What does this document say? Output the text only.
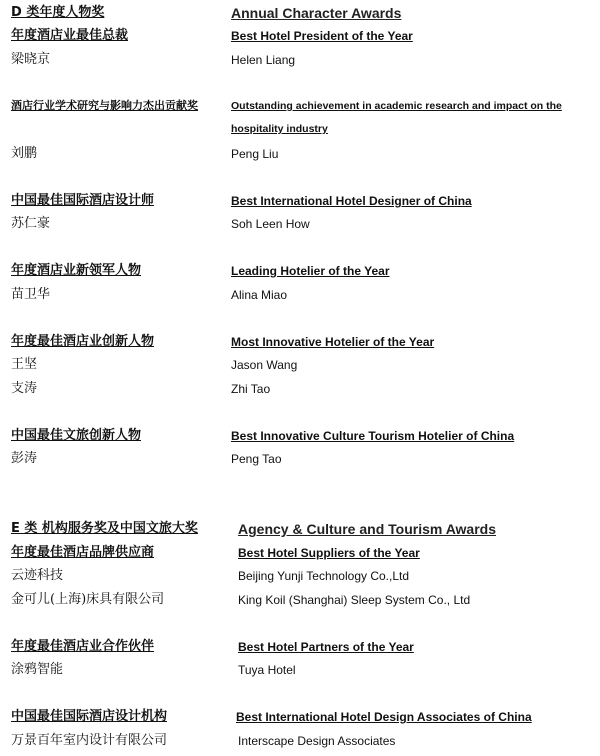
D 类年度人物奖	Annual Character Awards
年度酒店业最佳总裁	Best Hotel President of the Year
梁晓京	Helen Liang
酒店行业学术研究与影响力杰出贡献奖	Outstanding achievement in academic research and impact on the
hospitality industry
刘鹏	Peng Liu
中国最佳国际酒店设计师	Best International Hotel Designer of China
苏仁豪	Soh Leen How
年度酒店业新领军人物	Leading Hotelier of the Year
苗卫华	Alina Miao
年度最佳酒店业创新人物	Most Innovative Hotelier of the Year
王坚	Jason Wang
支涛	Zhi Tao
中国最佳文旅创新人物	Best Innovative Culture Tourism Hotelier of China
彭涛	Peng Tao
E 类 机构服务奖及中国文旅大奖	Agency & Culture and Tourism Awards
年度最佳酒店品牌供应商	Best Hotel Suppliers of the Year
云迹科技	Beijing Yunji Technology Co.,Ltd
金可儿(上海)床具有限公司	King Koil (Shanghai) Sleep System Co., Ltd
年度最佳酒店业合作伙伴	Best Hotel Partners of the Year
涂鸦智能	Tuya Hotel
中国最佳国际酒店设计机构	Best International Hotel Design Associates of China
万景百年室内设计有限公司	Interscape Design Associates
